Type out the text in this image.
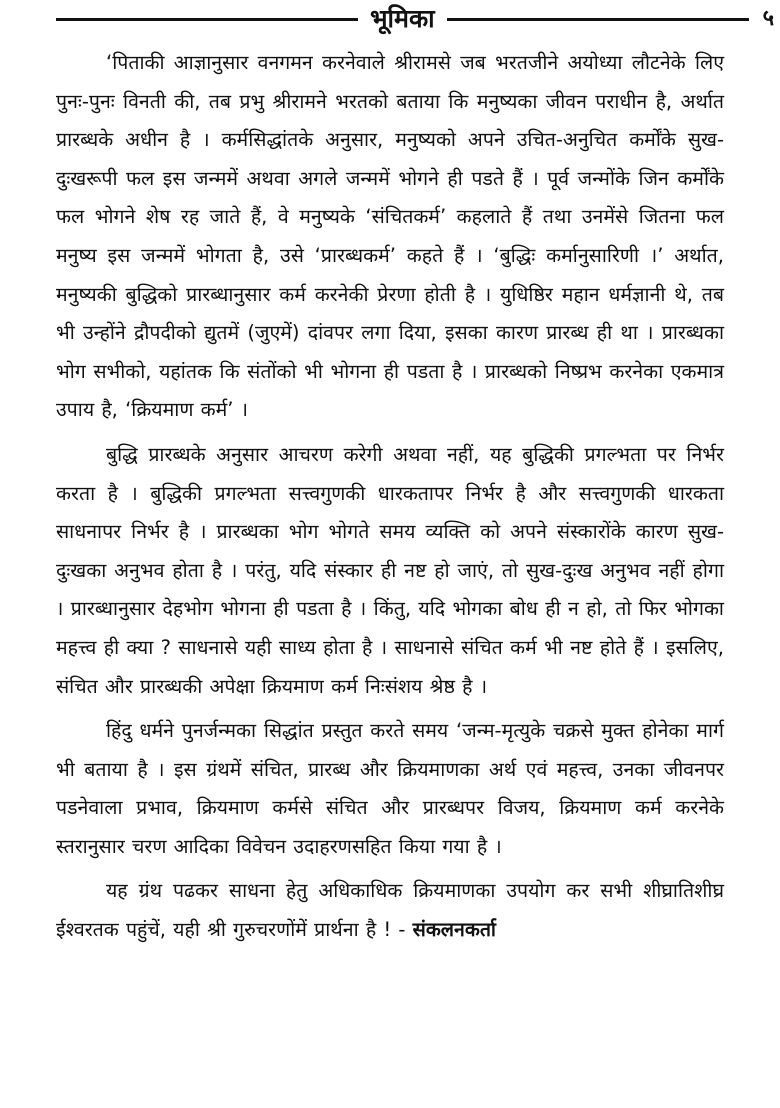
भूमिका	५

‘पिताकी आज्ञानुसार वनगमन करनेवाले श्रीरामसे जब भरतजीने अयोध्या लौटनेके लिए पुनः-पुनः विनती की, तब प्रभु श्रीरामने भरतको बताया कि मनुष्यका जीवन पराधीन है, अर्थात प्रारब्धके अधीन है । कर्मसिद्धांतके अनुसार, मनुष्यको अपने उचित-अनुचित कर्मोंके सुख-दुःखरूपी फल इस जन्ममें अथवा अगले जन्ममें भोगने ही पडते हैं । पूर्व जन्मोंके जिन कर्मोंके फल भोगने शेष रह जाते हैं, वे मनुष्यके ‘संचितकर्म’ कहलाते हैं तथा उनमेंसे जितना फल मनुष्य इस जन्ममें भोगता है, उसे ‘प्रारब्धकर्म’ कहते हैं । ‘बुद्धिः कर्मानुसारिणी ।’ अर्थात, मनुष्यकी बुद्धिको प्रारब्धानुसार कर्म करनेकी प्रेरणा होती है । युधिष्ठिर महान धर्मज्ञानी थे, तब भी उन्होंने द्रौपदीको द्युतमें (जुएमें) दांवपर लगा दिया, इसका कारण प्रारब्ध ही था । प्रारब्धका भोग सभीको, यहांतक कि संतोंको भी भोगना ही पडता है । प्रारब्धको निष्प्रभ करनेका एकमात्र उपाय है, ‘क्रियमाण कर्म’ ।

बुद्धि प्रारब्धके अनुसार आचरण करेगी अथवा नहीं, यह बुद्धिकी प्रगल्भता पर निर्भर करता है । बुद्धिकी प्रगल्भता सत्त्वगुणकी धारकतापर निर्भर है और सत्त्वगुणकी धारकता साधनापर निर्भर है । प्रारब्धका भोग भोगते समय व्यक्ति को अपने संस्कारोंके कारण सुख-दुःखका अनुभव होता है । परंतु, यदि संस्कार ही नष्ट हो जाएं, तो सुख-दुःख अनुभव नहीं होगा । प्रारब्धानुसार देहभोग भोगना ही पडता है । किंतु, यदि भोगका बोध ही न हो, तो फिर भोगका महत्त्व ही क्या ? साधनासे यही साध्य होता है । साधनासे संचित कर्म भी नष्ट होते हैं । इसलिए, संचित और प्रारब्धकी अपेक्षा क्रियमाण कर्म निःसंशय श्रेष्ठ है ।

हिंदु धर्मने पुनर्जन्मका सिद्धांत प्रस्तुत करते समय ‘जन्म-मृत्युके चक्रसे मुक्त होनेका मार्ग भी बताया है । इस ग्रंथमें संचित, प्रारब्ध और क्रियमाणका अर्थ एवं महत्त्व, उनका जीवनपर पडनेवाला प्रभाव, क्रियमाण कर्मसे संचित और प्रारब्धपर विजय, क्रियमाण कर्म करनेके स्तरानुसार चरण आदिका विवेचन उदाहरणसहित किया गया है ।

यह ग्रंथ पढकर साधना हेतु अधिकाधिक क्रियमाणका उपयोग कर सभी शीघ्रातिशीघ्र ईश्वरतक पहुंचें, यही श्री गुरुचरणोंमें प्रार्थना है ! - संकलनकर्ता
